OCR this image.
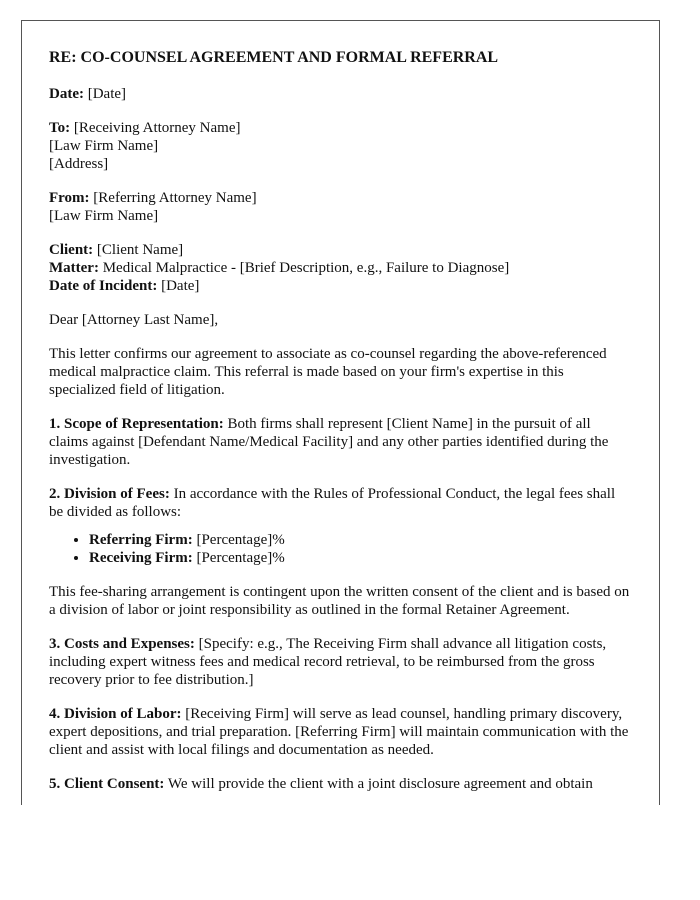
RE: CO-COUNSEL AGREEMENT AND FORMAL REFERRAL

Date: [Date]

To: [Receiving Attorney Name]
[Law Firm Name]
[Address]

From: [Referring Attorney Name]
[Law Firm Name]

Client: [Client Name]
Matter: Medical Malpractice - [Brief Description, e.g., Failure to Diagnose]
Date of Incident: [Date]

Dear [Attorney Last Name],

This letter confirms our agreement to associate as co-counsel regarding the above-referenced medical malpractice claim. This referral is made based on your firm's expertise in this specialized field of litigation.

1. Scope of Representation: Both firms shall represent [Client Name] in the pursuit of all claims against [Defendant Name/Medical Facility] and any other parties identified during the investigation.

2. Division of Fees: In accordance with the Rules of Professional Conduct, the legal fees shall be divided as follows:

• Referring Firm: [Percentage]%
• Receiving Firm: [Percentage]%

This fee-sharing arrangement is contingent upon the written consent of the client and is based on a division of labor or joint responsibility as outlined in the formal Retainer Agreement.

3. Costs and Expenses: [Specify: e.g., The Receiving Firm shall advance all litigation costs, including expert witness fees and medical record retrieval, to be reimbursed from the gross recovery prior to fee distribution.]

4. Division of Labor: [Receiving Firm] will serve as lead counsel, handling primary discovery, expert depositions, and trial preparation. [Referring Firm] will maintain communication with the client and assist with local filings and documentation as needed.

5. Client Consent: We will provide the client with a joint disclosure agreement and obtain
